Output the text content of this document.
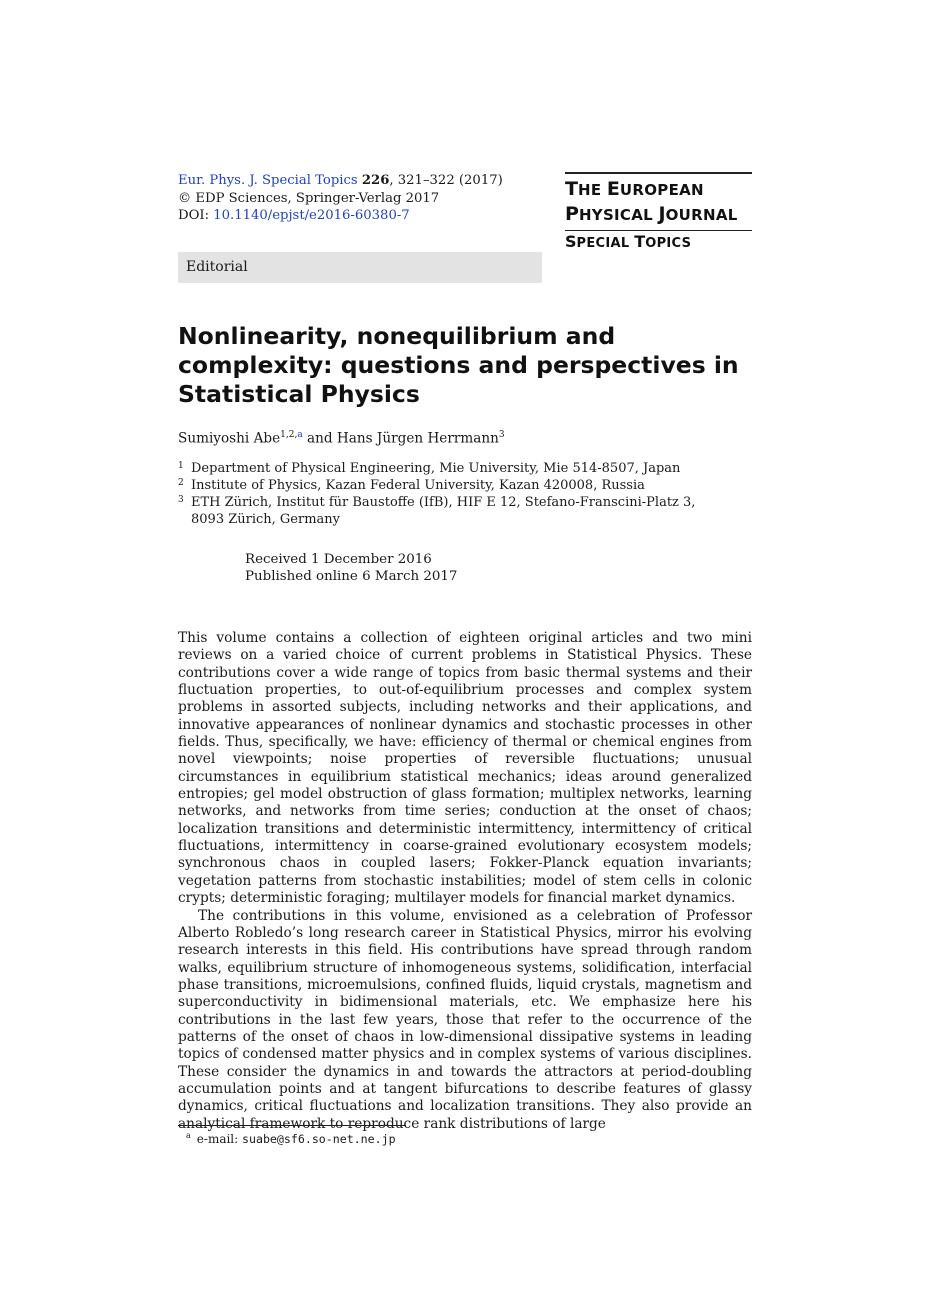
Eur. Phys. J. Special Topics 226, 321–322 (2017)
© EDP Sciences, Springer-Verlag 2017
DOI: 10.1140/epjst/e2016-60380-7
THE EUROPEAN
PHYSICAL JOURNAL
SPECIAL TOPICS
Editorial
Nonlinearity, nonequilibrium and complexity: questions and perspectives in Statistical Physics
Sumiyoshi Abe$^{1,2,a}$ and Hans Jürgen Herrmann$^3$
1 Department of Physical Engineering, Mie University, Mie 514-8507, Japan
2 Institute of Physics, Kazan Federal University, Kazan 420008, Russia
3 ETH Zürich, Institut für Baustoffe (IfB), HIF E 12, Stefano-Franscini-Platz 3, 8093 Zürich, Germany
Received 1 December 2016
Published online 6 March 2017

This volume contains a collection of eighteen original articles and two mini reviews on a varied choice of current problems in Statistical Physics. These contributions cover a wide range of topics from basic thermal systems and their fluctuation properties, to out-of-equilibrium processes and complex system problems in assorted subjects, including networks and their applications, and innovative appearances of nonlinear dynamics and stochastic processes in other fields. Thus, specifically, we have: efficiency of thermal or chemical engines from novel viewpoints; noise properties of reversible fluctuations; unusual circumstances in equilibrium statistical mechanics; ideas around generalized entropies; gel model obstruction of glass formation; multiplex networks, learning networks, and networks from time series; conduction at the onset of chaos; localization transitions and deterministic intermittency, intermittency of critical fluctuations, intermittency in coarse-grained evolutionary ecosystem models; synchronous chaos in coupled lasers; Fokker-Planck equation invariants; vegetation patterns from stochastic instabilities; model of stem cells in colonic crypts; deterministic foraging; multilayer models for financial market dynamics.

The contributions in this volume, envisioned as a celebration of Professor Alberto Robledo’s long research career in Statistical Physics, mirror his evolving research interests in this field. His contributions have spread through random walks, equilibrium structure of inhomogeneous systems, solidification, interfacial phase transitions, microemulsions, confined fluids, liquid crystals, magnetism and superconductivity in bidimensional materials, etc. We emphasize here his contributions in the last few years, those that refer to the occurrence of the patterns of the onset of chaos in low-dimensional dissipative systems in leading topics of condensed matter physics and in complex systems of various disciplines. These consider the dynamics in and towards the attractors at period-doubling accumulation points and at tangent bifurcations to describe features of glassy dynamics, critical fluctuations and localization transitions. They also provide an analytical framework to reproduce rank distributions of large

$^a$ e-mail: suabe@sf6.so-net.ne.jp
